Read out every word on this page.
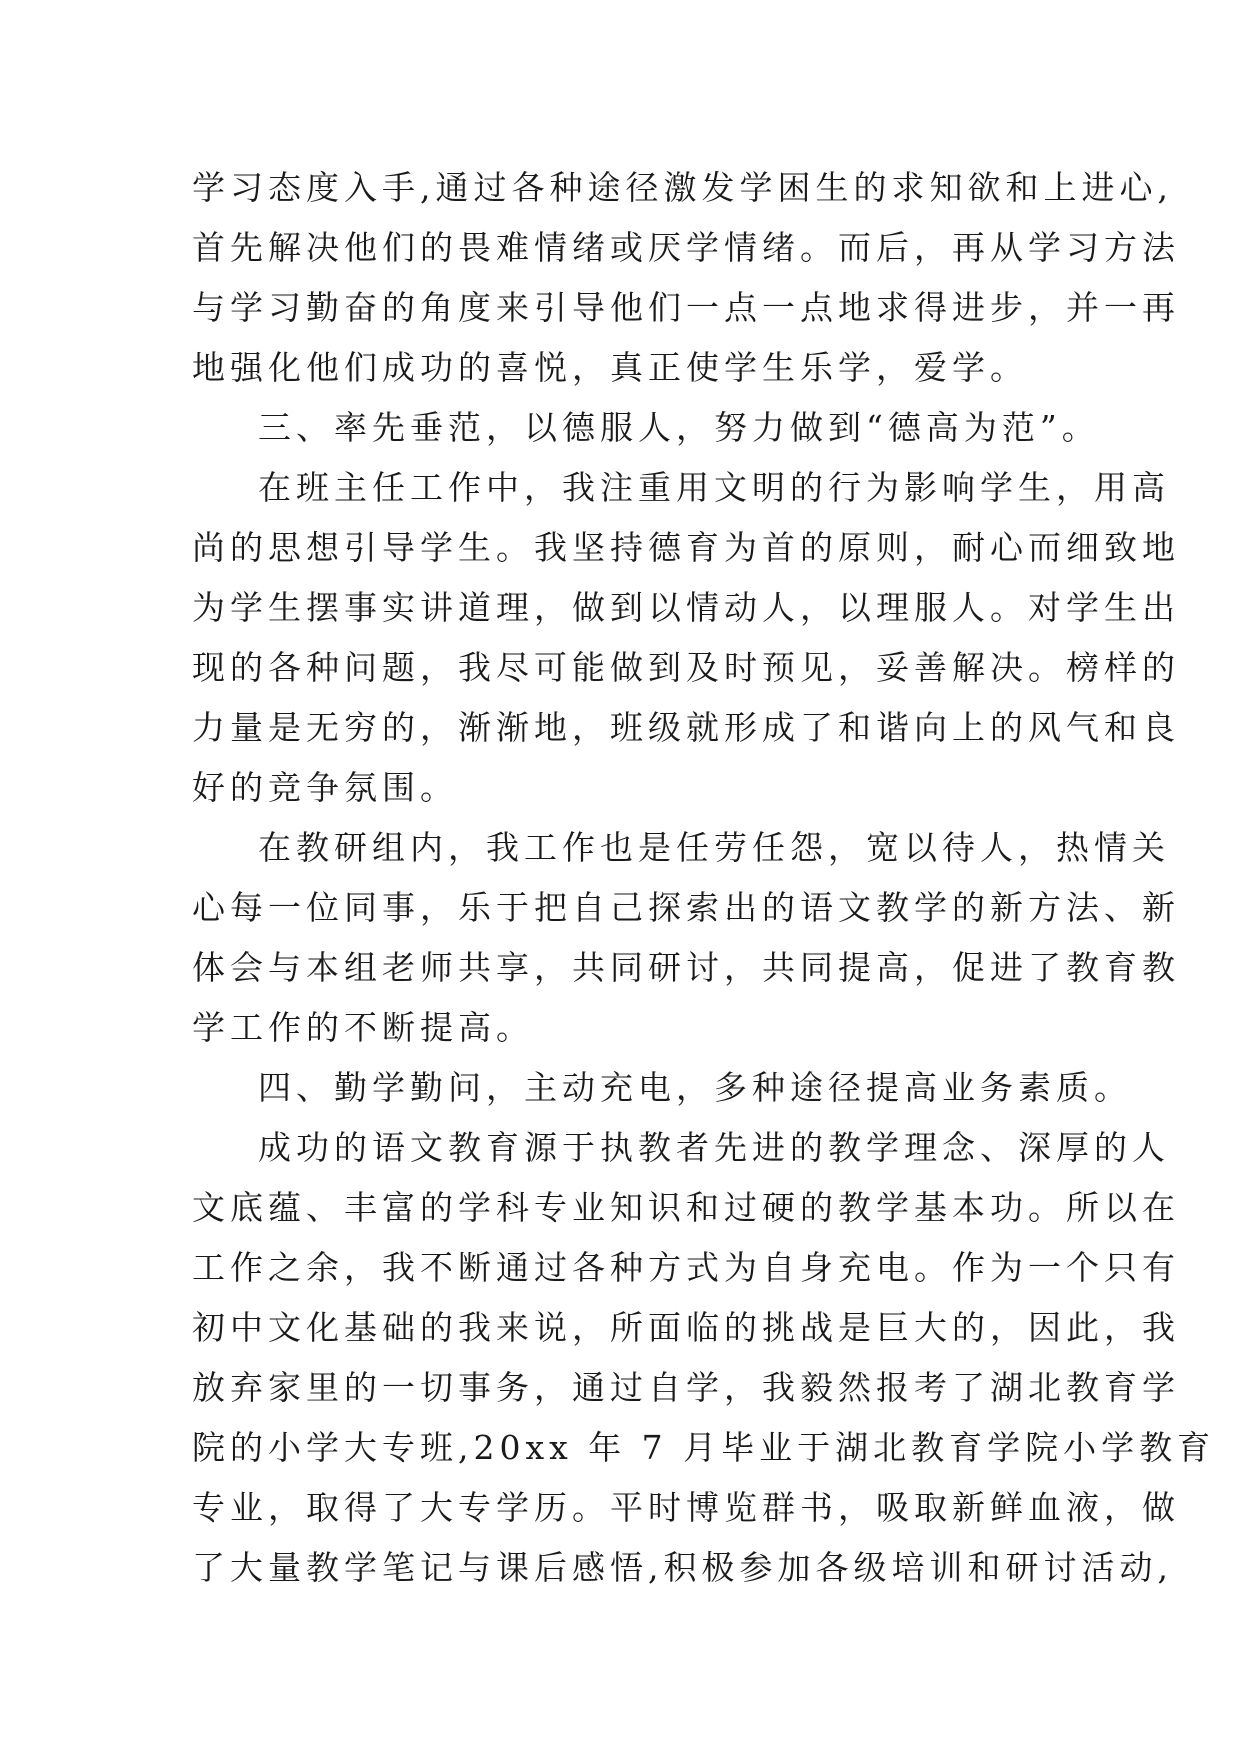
学习态度入手,通过各种途径激发学困生的求知欲和上进心,
首先解决他们的畏难情绪或厌学情绪。而后，再从学习方法
与学习勤奋的角度来引导他们一点一点地求得进步，并一再
地强化他们成功的喜悦，真正使学生乐学，爱学。
三、率先垂范，以德服人，努力做到“德高为范”。
在班主任工作中，我注重用文明的行为影响学生，用高
尚的思想引导学生。我坚持德育为首的原则，耐心而细致地
为学生摆事实讲道理，做到以情动人，以理服人。对学生出
现的各种问题，我尽可能做到及时预见，妥善解决。榜样的
力量是无穷的，渐渐地，班级就形成了和谐向上的风气和良
好的竞争氛围。
在教研组内，我工作也是任劳任怨，宽以待人，热情关
心每一位同事，乐于把自己探索出的语文教学的新方法、新
体会与本组老师共享，共同研讨，共同提高，促进了教育教
学工作的不断提高。
四、勤学勤问，主动充电，多种途径提高业务素质。
成功的语文教育源于执教者先进的教学理念、深厚的人
文底蕴、丰富的学科专业知识和过硬的教学基本功。所以在
工作之余，我不断通过各种方式为自身充电。作为一个只有
初中文化基础的我来说，所面临的挑战是巨大的，因此，我
放弃家里的一切事务，通过自学，我毅然报考了湖北教育学
院的小学大专班,20xx 年 7 月毕业于湖北教育学院小学教育
专业，取得了大专学历。平时博览群书，吸取新鲜血液，做
了大量教学笔记与课后感悟,积极参加各级培训和研讨活动,
